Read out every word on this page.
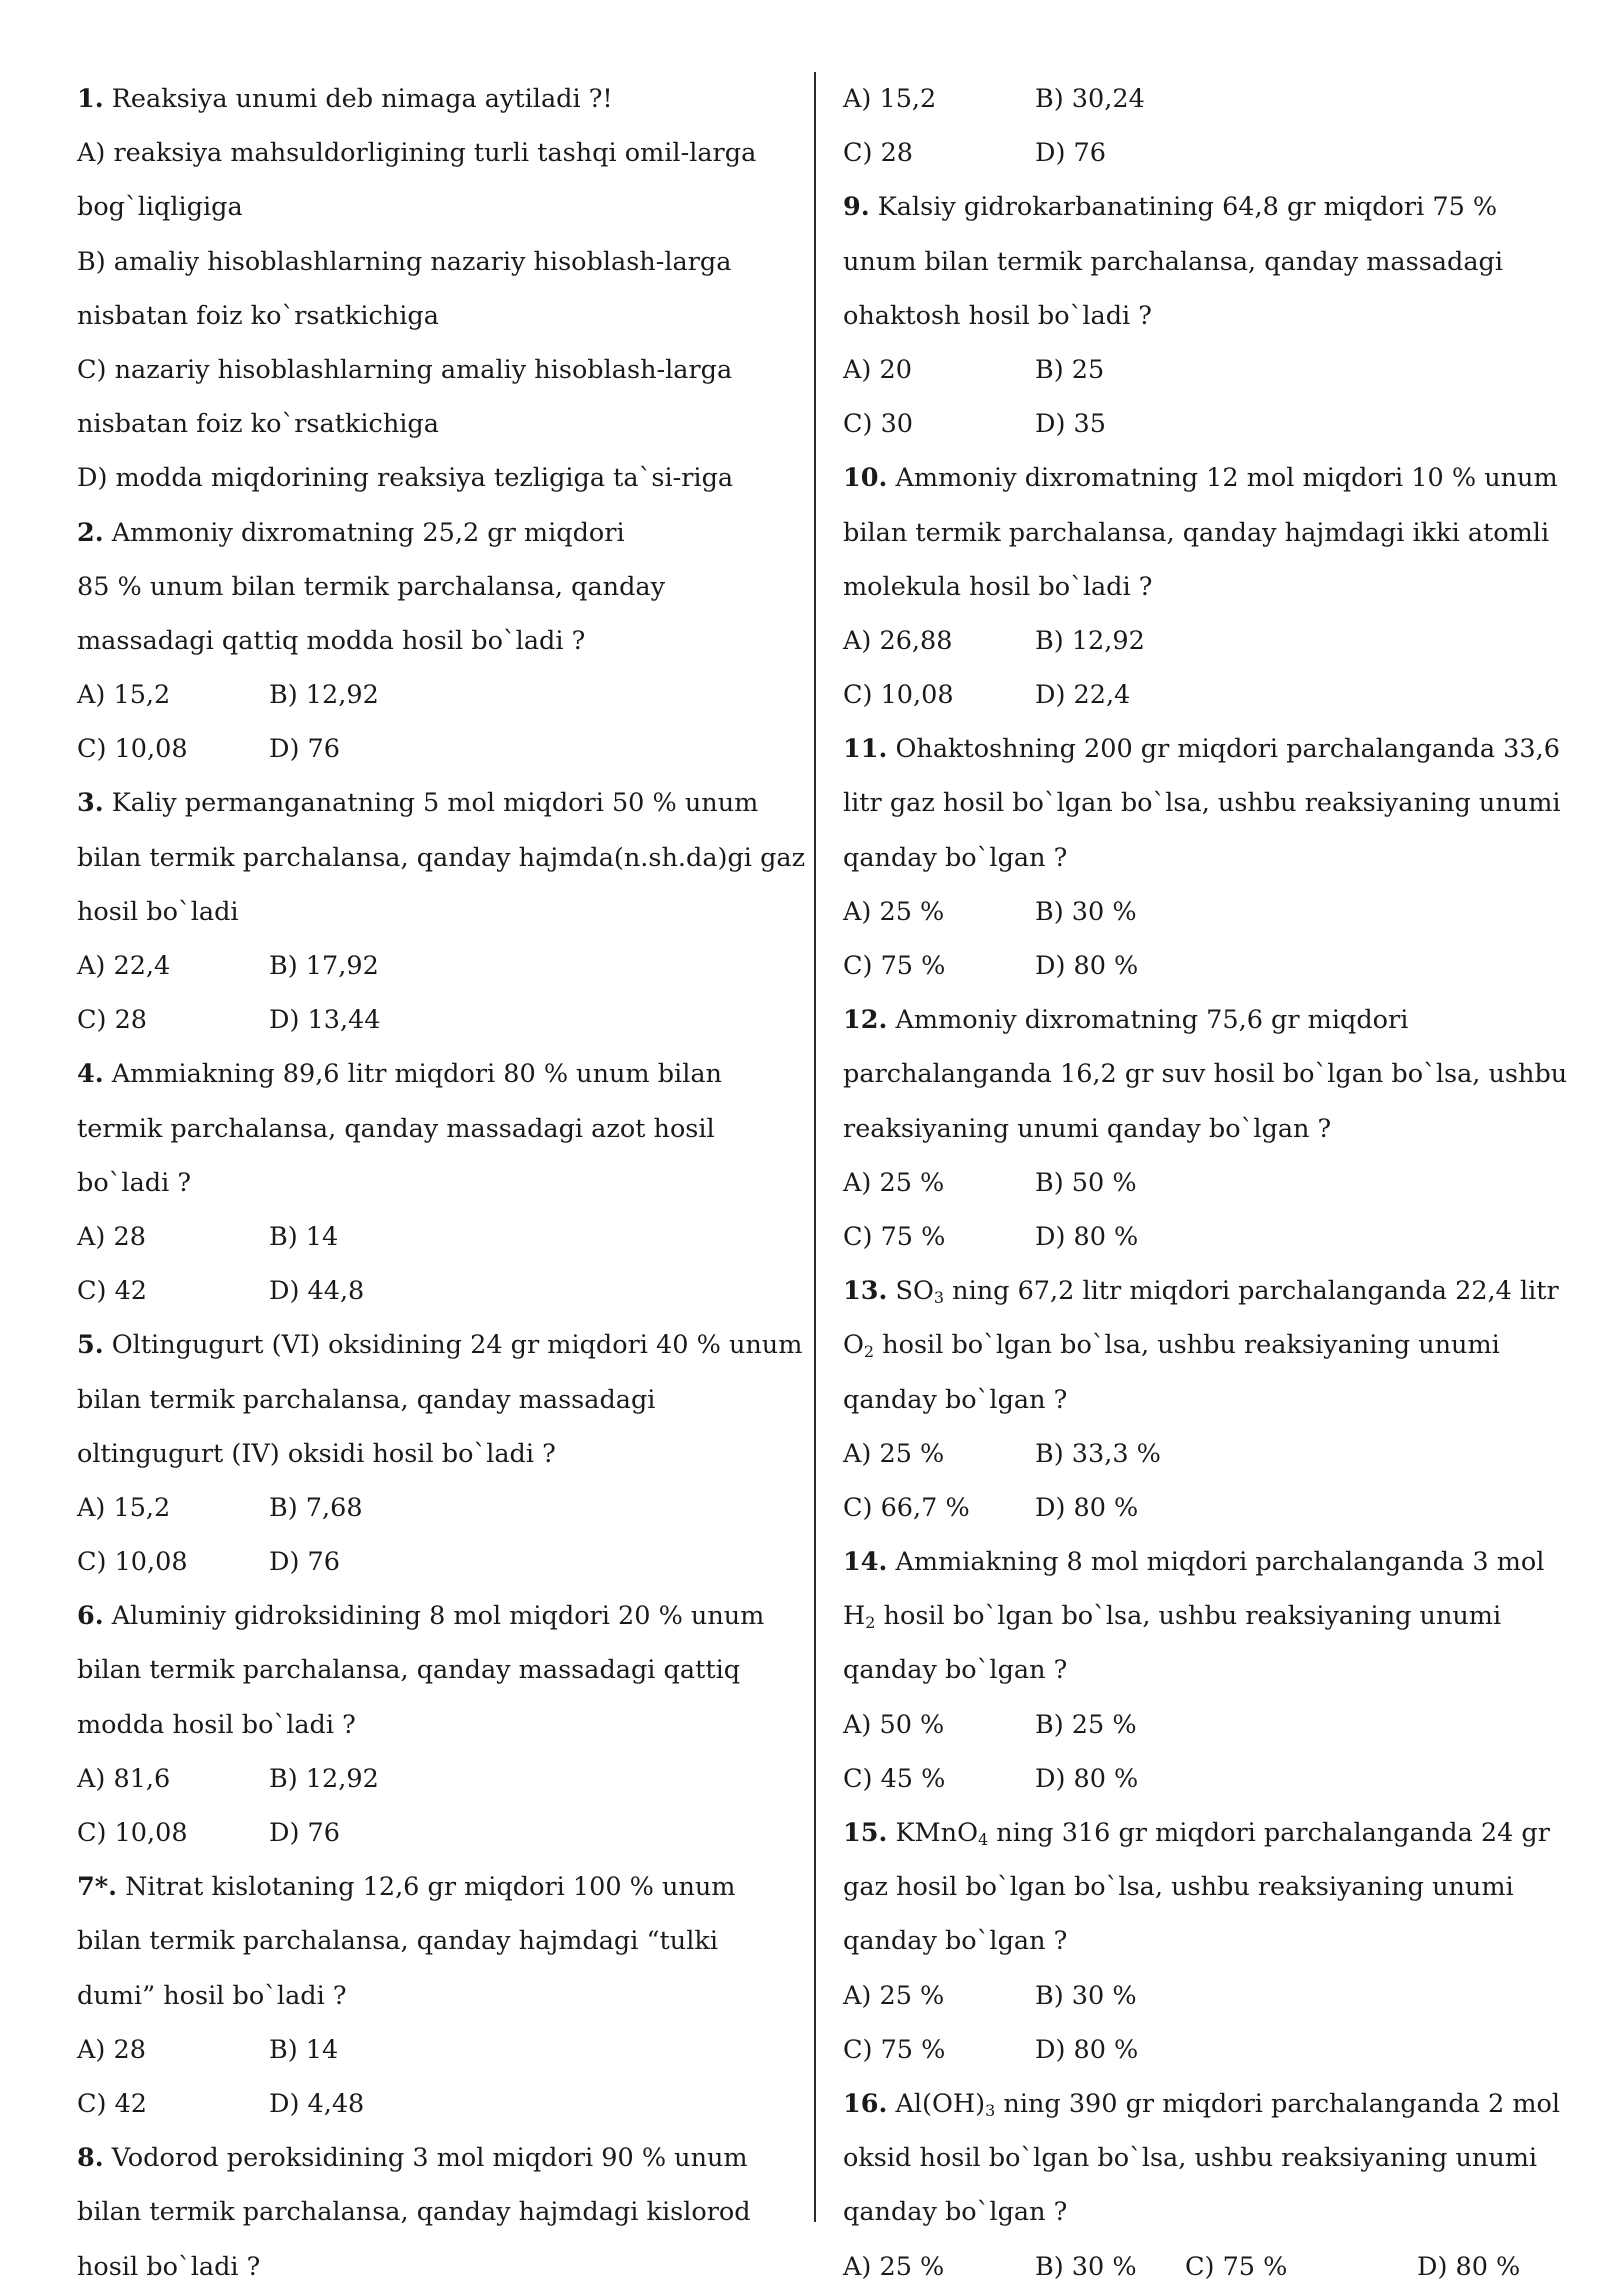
1. Reaksiya unumi deb nimaga aytiladi ?!
A) reaksiya mahsuldorligining turli tashqi omil-larga
bog`liqligiga
B) amaliy hisoblashlarning nazariy hisoblash-larga
nisbatan foiz ko`rsatkichiga
C) nazariy hisoblashlarning amaliy hisoblash-larga
nisbatan foiz ko`rsatkichiga
D) modda miqdorining reaksiya tezligiga ta`si-riga
2. Ammoniy dixromatning 25,2 gr miqdori
85 % unum bilan termik parchalansa, qanday
massadagi qattiq modda hosil bo`ladi ?
A) 15,2	B) 12,92
C) 10,08	D) 76
3. Kaliy permanganatning 5 mol miqdori 50 % unum
bilan termik parchalansa, qanday hajmda(n.sh.da)gi gaz
hosil bo`ladi
A) 22,4	B) 17,92
C) 28	D) 13,44
4. Ammiakning 89,6 litr miqdori 80 % unum bilan
termik parchalansa, qanday massadagi azot hosil
bo`ladi ?
A) 28	B) 14
C) 42	D) 44,8
5. Oltingugurt (VI) oksidining 24 gr miqdori 40 % unum
bilan termik parchalansa, qanday massadagi
oltingugurt (IV) oksidi hosil bo`ladi ?
A) 15,2	B) 7,68
C) 10,08	D) 76
6. Aluminiy gidroksidining 8 mol miqdori 20 % unum
bilan termik parchalansa, qanday massadagi qattiq
modda hosil bo`ladi ?
A) 81,6	B) 12,92
C) 10,08	D) 76
7*. Nitrat kislotaning 12,6 gr miqdori 100 % unum
bilan termik parchalansa, qanday hajmdagi “tulki
dumi” hosil bo`ladi ?
A) 28	B) 14
C) 42	D) 4,48
8. Vodorod peroksidining 3 mol miqdori 90 % unum
bilan termik parchalansa, qanday hajmdagi kislorod
hosil bo`ladi ?
A) 15,2	B) 30,24
C) 28	D) 76
9. Kalsiy gidrokarbanatining 64,8 gr miqdori 75 %
unum bilan termik parchalansa, qanday massadagi
ohaktosh hosil bo`ladi ?
A) 20	B) 25
C) 30	D) 35
10. Ammoniy dixromatning 12 mol miqdori 10 % unum
bilan termik parchalansa, qanday hajmdagi ikki atomli
molekula hosil bo`ladi ?
A) 26,88	B) 12,92
C) 10,08	D) 22,4
11. Ohaktoshning 200 gr miqdori parchalanganda 33,6
litr gaz hosil bo`lgan bo`lsa, ushbu reaksiyaning unumi
qanday bo`lgan ?
A) 25 %	B) 30 %
C) 75 %	D) 80 %
12. Ammoniy dixromatning 75,6 gr miqdori
parchalanganda 16,2 gr suv hosil bo`lgan bo`lsa, ushbu
reaksiyaning unumi qanday bo`lgan ?
A) 25 %	B) 50 %
C) 75 %	D) 80 %
13. $SO_3$ ning 67,2 litr miqdori parchalanganda 22,4 litr
$O_2$ hosil bo`lgan bo`lsa, ushbu reaksiyaning unumi
qanday bo`lgan ?
A) 25 %	B) 33,3 %
C) 66,7 %	D) 80 %
14. Ammiakning 8 mol miqdori parchalanganda 3 mol
$H_2$ hosil bo`lgan bo`lsa, ushbu reaksiyaning unumi
qanday bo`lgan ?
A) 50 %	B) 25 %
C) 45 %	D) 80 %
15. KMnO$_4$ ning 316 gr miqdori parchalanganda 24 gr
gaz hosil bo`lgan bo`lsa, ushbu reaksiyaning unumi
qanday bo`lgan ?
A) 25 %	B) 30 %
C) 75 %	D) 80 %
16. $Al(OH)_3$ ning 390 gr miqdori parchalanganda 2 mol
oksid hosil bo`lgan bo`lsa, ushbu reaksiyaning unumi
qanday bo`lgan ?
A) 25 %	B) 30 % C) 75 %	D) 80 %
